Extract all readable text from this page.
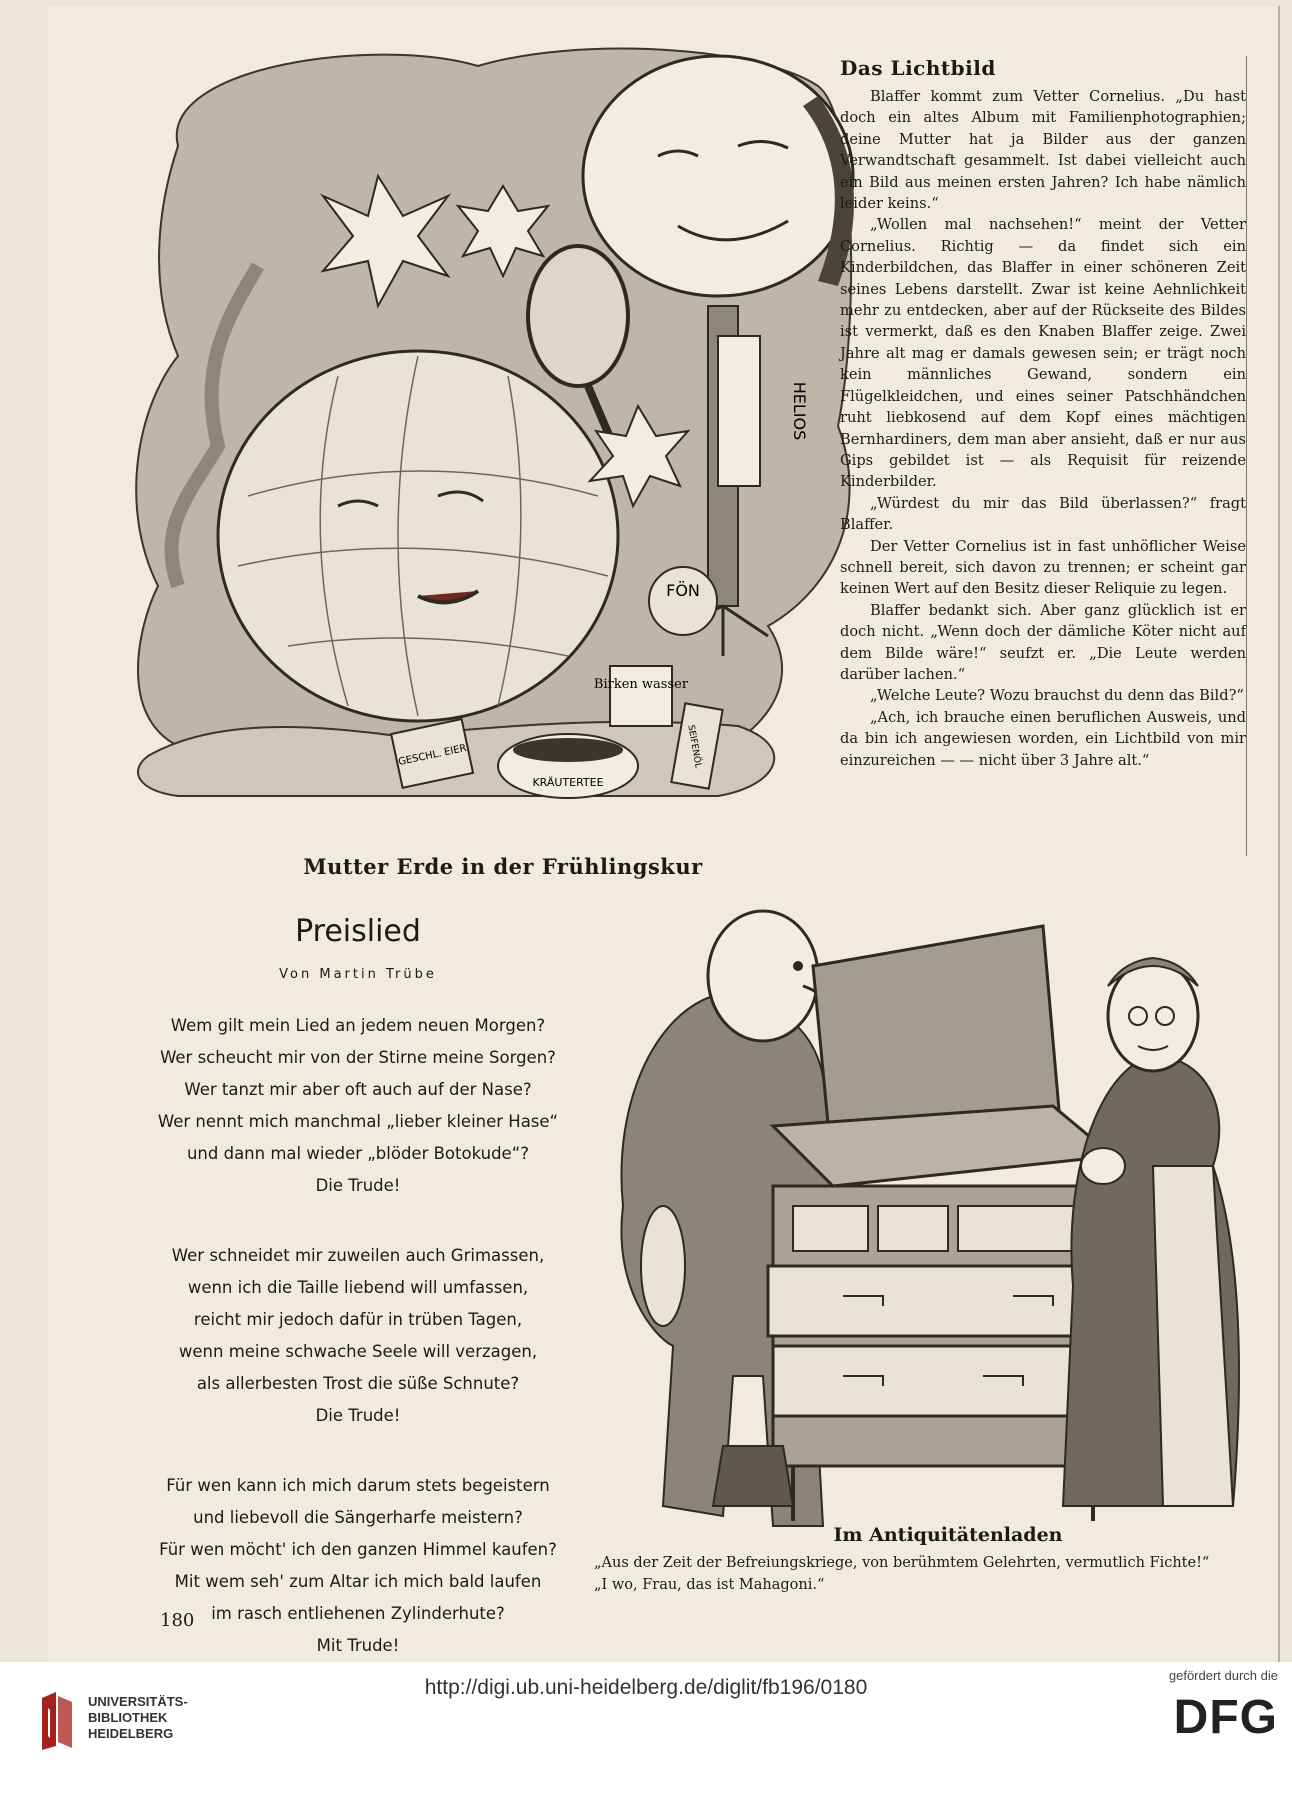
HELIOS
FÖN
Birken wasser
GESCHL. EIER
KRÄUTERTEE
SEIFENÖL
Mutter Erde in der Frühlingskur
Das Lichtbild

Blaffer kommt zum Vetter Cornelius. „Du hast doch ein altes Album mit Familienphotographien; deine Mutter hat ja Bilder aus der ganzen Verwandtschaft gesammelt. Ist dabei vielleicht auch ein Bild aus meinen ersten Jahren? Ich habe nämlich leider keins.“

„Wollen mal nachsehen!“ meint der Vetter Cornelius. Richtig — da findet sich ein Kinderbildchen, das Blaffer in einer schöneren Zeit seines Lebens darstellt. Zwar ist keine Aehnlichkeit mehr zu entdecken, aber auf der Rückseite des Bildes ist vermerkt, daß es den Knaben Blaffer zeige. Zwei Jahre alt mag er damals gewesen sein; er trägt noch kein männliches Gewand, sondern ein Flügelkleidchen, und eines seiner Patschhändchen ruht liebkosend auf dem Kopf eines mächtigen Bernhardiners, dem man aber ansieht, daß er nur aus Gips gebildet ist — als Requisit für reizende Kinderbilder.

„Würdest du mir das Bild überlassen?“ fragt Blaffer.

Der Vetter Cornelius ist in fast unhöflicher Weise schnell bereit, sich davon zu trennen; er scheint gar keinen Wert auf den Besitz dieser Reliquie zu legen.

Blaffer bedankt sich. Aber ganz glücklich ist er doch nicht. „Wenn doch der dämliche Köter nicht auf dem Bilde wäre!“ seufzt er. „Die Leute werden darüber lachen.“

„Welche Leute? Wozu brauchst du denn das Bild?“

„Ach, ich brauche einen beruflichen Ausweis, und da bin ich angewiesen worden, ein Lichtbild von mir einzureichen — — nicht über 3 Jahre alt.“

Preislied
Von Martin Trübe
Wem gilt mein Lied an jedem neuen Morgen?
Wer scheucht mir von der Stirne meine Sorgen?
Wer tanzt mir aber oft auch auf der Nase?
Wer nennt mich manchmal „lieber kleiner Hase“
und dann mal wieder „blöder Botokude“?
Die Trude!
Wer schneidet mir zuweilen auch Grimassen,
wenn ich die Taille liebend will umfassen,
reicht mir jedoch dafür in trüben Tagen,
wenn meine schwache Seele will verzagen,
als allerbesten Trost die süße Schnute?
Die Trude!
Für wen kann ich mich darum stets begeistern
und liebevoll die Sängerharfe meistern?
Für wen möcht' ich den ganzen Himmel kaufen?
Mit wem seh' zum Altar ich mich bald laufen
im rasch entliehenen Zylinderhute?
Mit Trude!
Im Antiquitätenladen
„Aus der Zeit der Befreiungskriege, von berühmtem Gelehrten, vermutlich Fichte!“
„I wo, Frau, das ist Mahagoni.“
180
UNIVERSITÄTS-
BIBLIOTHEK
HEIDELBERG
http://digi.ub.uni-heidelberg.de/diglit/fb196/0180
gefördert durch die
DFG
